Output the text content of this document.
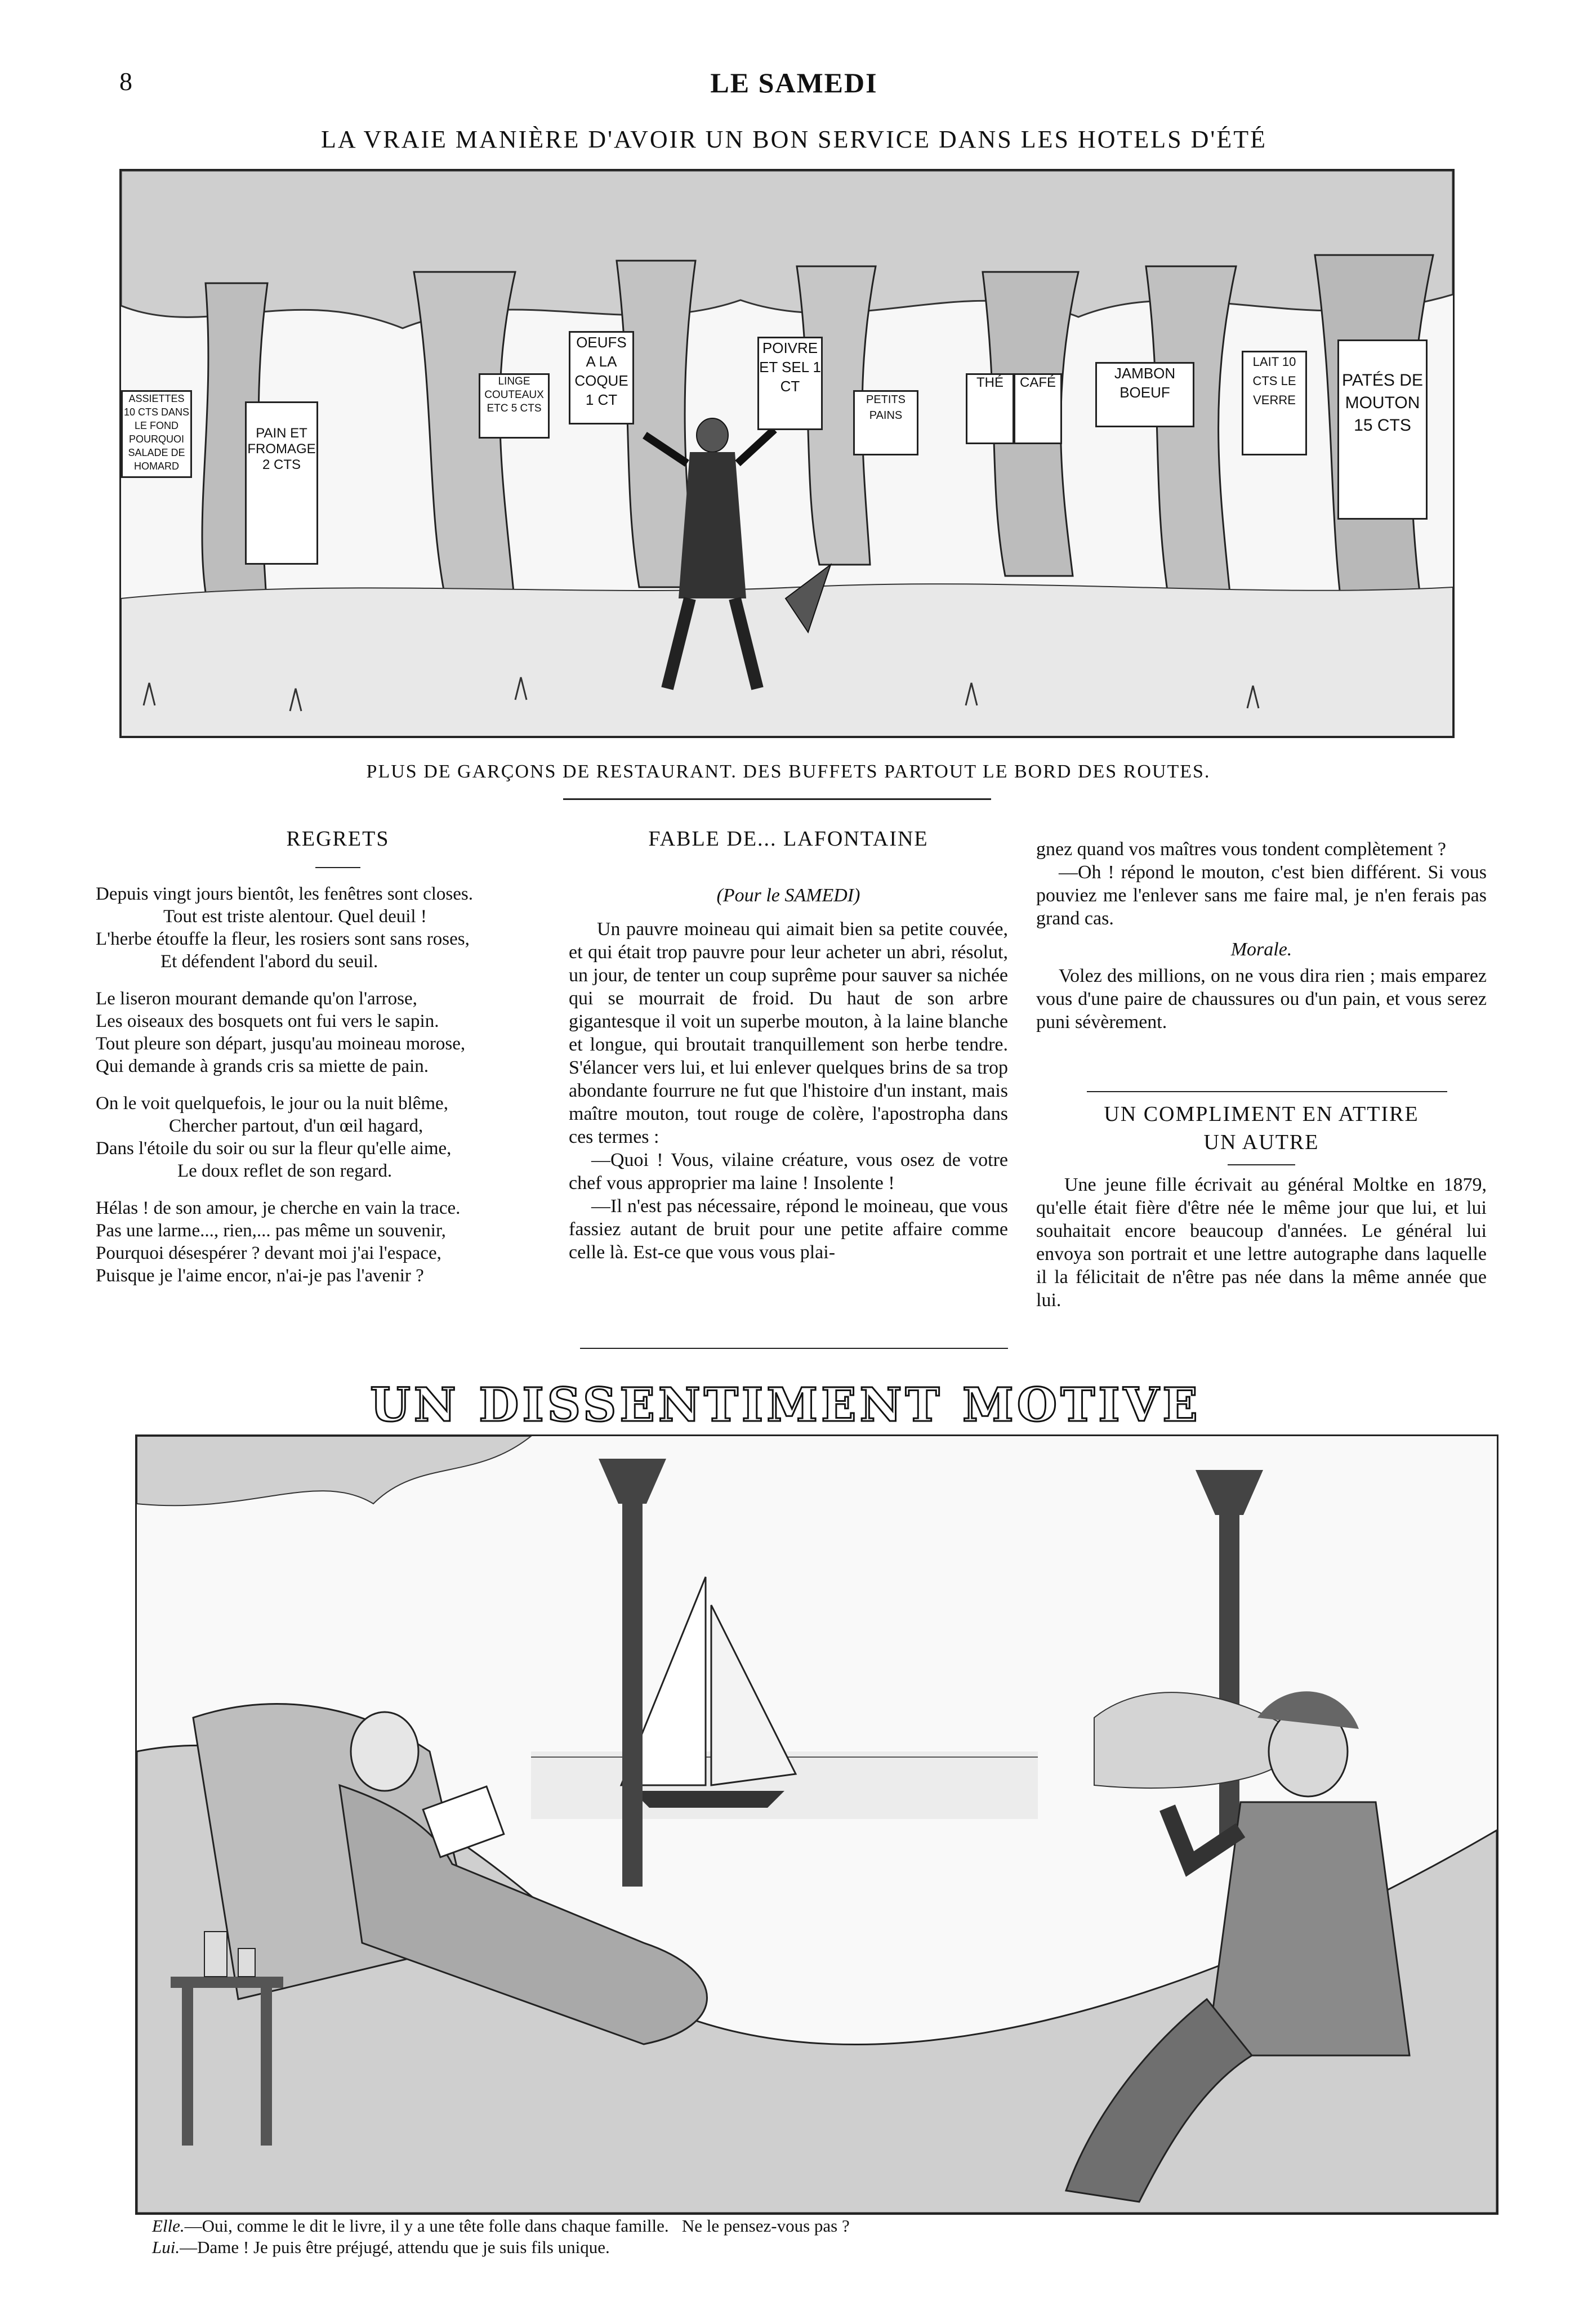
8	LE SAMEDI
LA VRAIE MANIÈRE D'AVOIR UN BON SERVICE DANS LES HOTELS D'ÉTÉ
ASSIETTES 10 CTS DANS LE FOND POURQUOI SALADE DE HOMARD
PAIN ET FROMAGE 2 CTS
LINGE COUTEAUX ETC 5 CTS
OEUFS A LA COQUE 1 CT
POIVRE ET SEL 1 CT
PETITS PAINS
THÉ	CAFÉ
JAMBON BOEUF
LAIT 10 CTS LE VERRE
PATÉS DE MOUTON 15 CTS
PLUS DE GARÇONS DE RESTAURANT. DES BUFFETS PARTOUT LE BORD DES ROUTES.
REGRETS
Depuis vingt jours bientôt, les fenêtres sont closes.
Tout est triste alentour. Quel deuil !
L'herbe étouffe la fleur, les rosiers sont sans roses,
Et défendent l'abord du seuil.
Le liseron mourant demande qu'on l'arrose,
Les oiseaux des bosquets ont fui vers le sapin.
Tout pleure son départ, jusqu'au moineau morose,
Qui demande à grands cris sa miette de pain.
On le voit quelquefois, le jour ou la nuit blême,
Chercher partout, d'un œil hagard,
Dans l'étoile du soir ou sur la fleur qu'elle aime,
Le doux reflet de son regard.
Hélas ! de son amour, je cherche en vain la trace.
Pas une larme..., rien,... pas même un souvenir,
Pourquoi désespérer ? devant moi j'ai l'espace,
Puisque je l'aime encor, n'ai-je pas l'avenir ?
FABLE DE... LAFONTAINE
(Pour le SAMEDI)

Un pauvre moineau qui aimait bien sa petite couvée, et qui était trop pauvre pour leur acheter un abri, résolut, un jour, de tenter un coup suprême pour sauver sa nichée qui se mourrait de froid. Du haut de son arbre gigantesque il voit un superbe mouton, à la laine blanche et longue, qui broutait tranquillement son herbe tendre. S'élancer vers lui, et lui enlever quelques brins de sa trop abondante fourrure ne fut que l'histoire d'un instant, mais maître mouton, tout rouge de colère, l'apostropha dans ces termes :

—Quoi ! Vous, vilaine créature, vous osez de votre chef vous approprier ma laine ! Insolente !

—Il n'est pas nécessaire, répond le moineau, que vous fassiez autant de bruit pour une petite affaire comme celle là. Est-ce que vous vous plai-

gnez quand vos maîtres vous tondent complètement ?

—Oh ! répond le mouton, c'est bien différent. Si vous pouviez me l'enlever sans me faire mal, je n'en ferais pas grand cas.

Morale.

Volez des millions, on ne vous dira rien ; mais emparez vous d'une paire de chaussures ou d'un pain, et vous serez puni sévèrement.

UN COMPLIMENT EN ATTIRE UN AUTRE
Une jeune fille écrivait au général Moltke en 1879, qu'elle était fière d'être née le même jour que lui, et lui souhaitait encore beaucoup d'années. Le général lui envoya son portrait et une lettre autographe dans laquelle il la félicitait de n'être pas née dans la même année que lui.
UN DISSENTIMENT MOTIVE
Elle.—Oui, comme le dit le livre, il y a une tête folle dans chaque famille.   Ne le pensez-vous pas ?
Lui.—Dame ! Je puis être préjugé, attendu que je suis fils unique.
